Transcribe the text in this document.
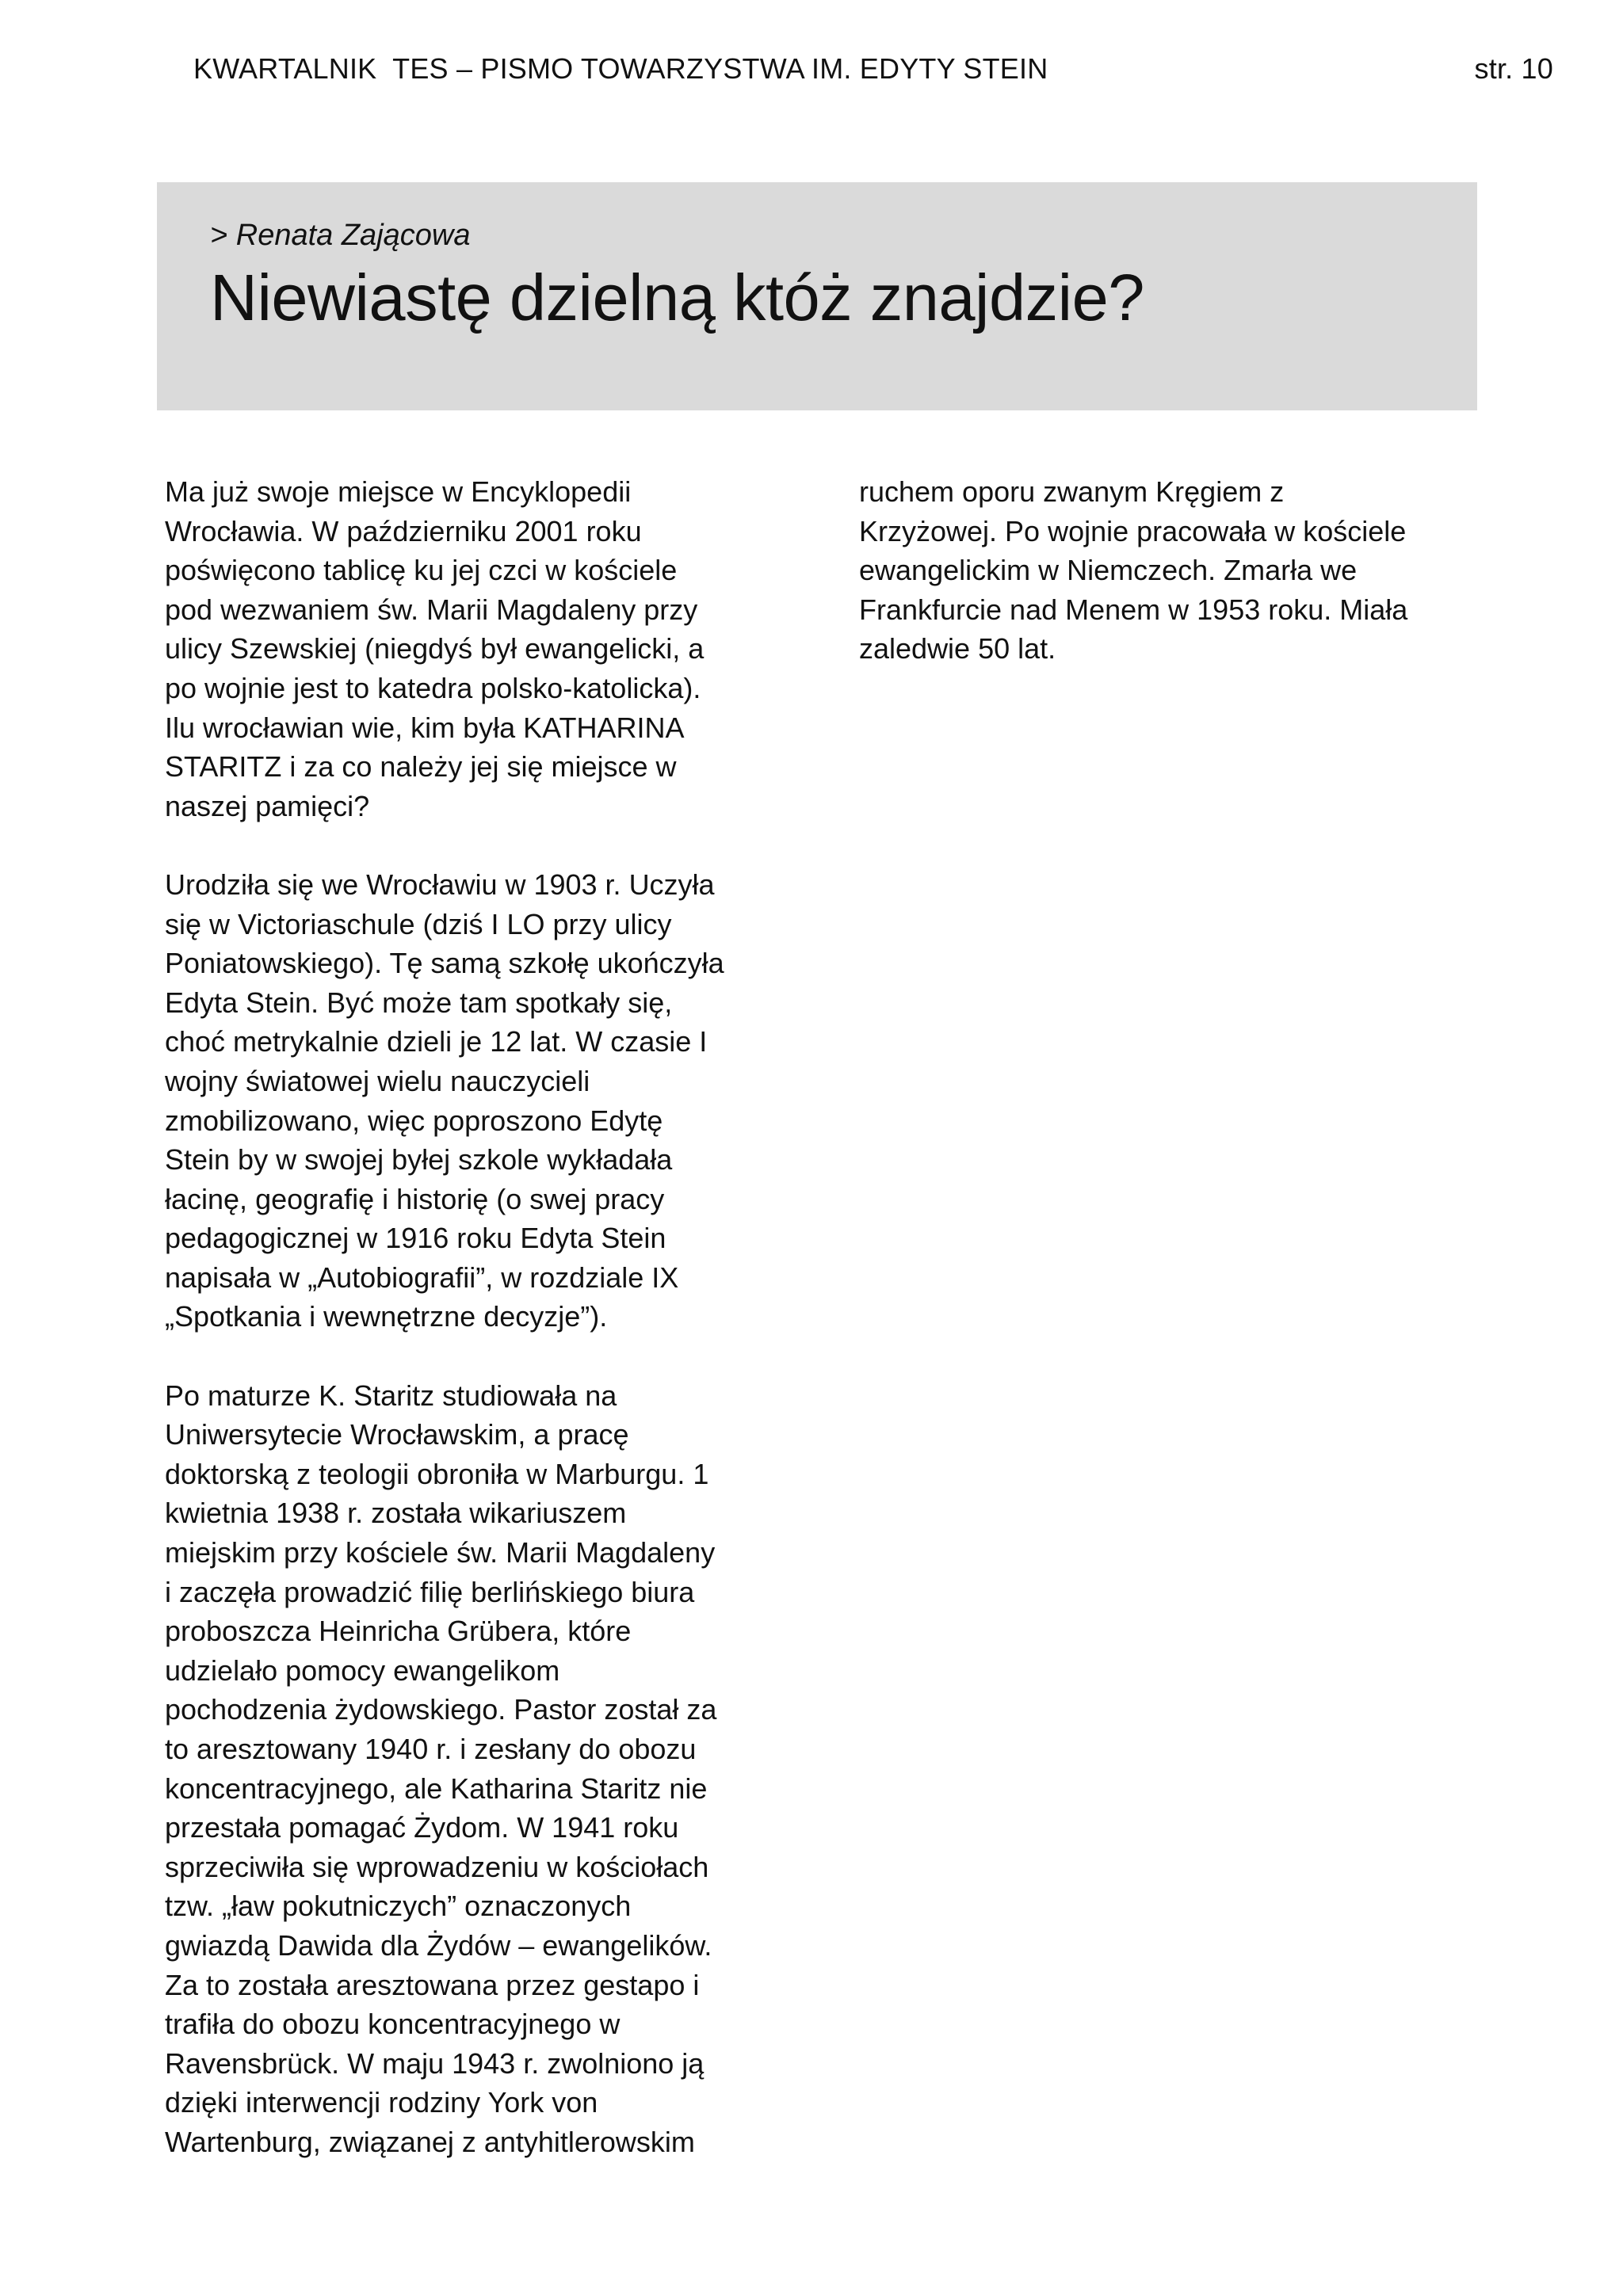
KWARTALNIK  TES – PISMO TOWARZYSTWA IM. EDYTY STEIN	str. 10
> Renata Zającowa
Niewiastę dzielną któż znajdzie?
Ma już swoje miejsce w Encyklopedii
Wrocławia. W październiku 2001 roku
poświęcono tablicę ku jej czci w kościele
pod wezwaniem św. Marii Magdaleny przy
ulicy Szewskiej (niegdyś był ewangelicki, a
po wojnie jest to katedra polsko-katolicka).
Ilu wrocławian wie, kim była KATHARINA
STARITZ i za co należy jej się miejsce w
naszej pamięci?
Urodziła się we Wrocławiu w 1903 r. Uczyła
się w Victoriaschule (dziś I LO przy ulicy
Poniatowskiego). Tę samą szkołę ukończyła
Edyta Stein. Być może tam spotkały się,
choć metrykalnie dzieli je 12 lat. W czasie I
wojny światowej wielu nauczycieli
zmobilizowano, więc poproszono Edytę
Stein by w swojej byłej szkole wykładała
łacinę, geografię i historię (o swej pracy
pedagogicznej w 1916 roku Edyta Stein
napisała w „Autobiografii”, w rozdziale IX
„Spotkania i wewnętrzne decyzje”).
Po maturze K. Staritz studiowała na
Uniwersytecie Wrocławskim, a pracę
doktorską z teologii obroniła w Marburgu. 1
kwietnia 1938 r. została wikariuszem
miejskim przy kościele św. Marii Magdaleny
i zaczęła prowadzić filię berlińskiego biura
proboszcza Heinricha Grübera, które
udzielało pomocy ewangelikom
pochodzenia żydowskiego. Pastor został za
to aresztowany 1940 r. i zesłany do obozu
koncentracyjnego, ale Katharina Staritz nie
przestała pomagać Żydom. W 1941 roku
sprzeciwiła się wprowadzeniu w kościołach
tzw. „ław pokutniczych” oznaczonych
gwiazdą Dawida dla Żydów – ewangelików.
Za to została aresztowana przez gestapo i
trafiła do obozu koncentracyjnego w
Ravensbrück. W maju 1943 r. zwolniono ją
dzięki interwencji rodziny York von
Wartenburg, związanej z antyhitlerowskim
ruchem oporu zwanym Kręgiem z
Krzyżowej. Po wojnie pracowała w kościele
ewangelickim w Niemczech. Zmarła we
Frankfurcie nad Menem w 1953 roku. Miała
zaledwie 50 lat.
